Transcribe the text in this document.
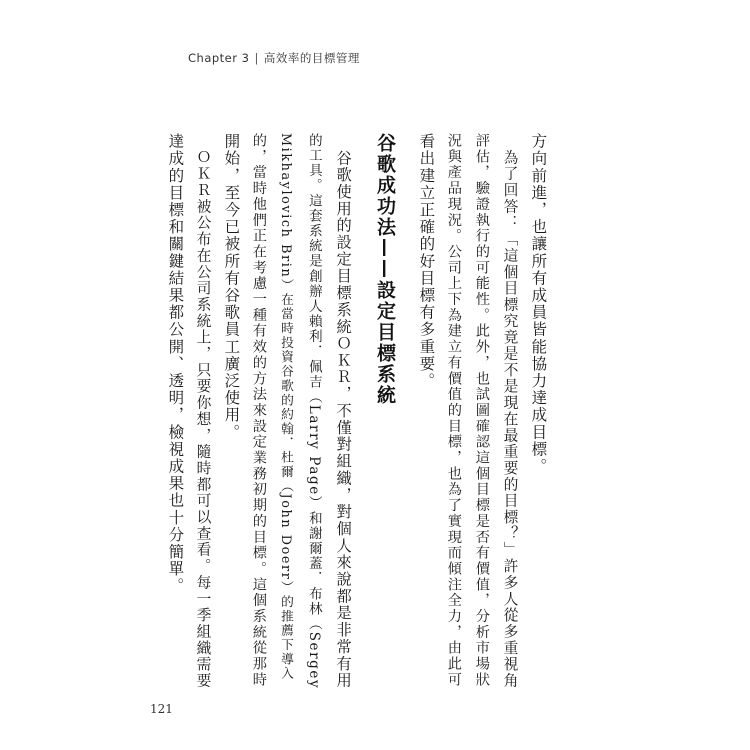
Chapter 3 | 高效率的目標管理
方向前進，也讓所有成員皆能協力達成目標。
　為了回答：「這個目標究竟是不是現在最重要的目標？」許多人從多重視角
評估，驗證執行的可能性。此外，也試圖確認這個目標是否有價值，分析市場狀
況與產品現況。公司上下為建立有價值的目標，也為了實現而傾注全力，由此可
看出建立正確的好目標有多重要。
谷歌成功法——設定目標系統
　谷歌使用的設定目標系統ＯＫＲ，不僅對組織，對個人來說都是非常有用
的工具。這套系統是創辦人賴利．佩吉（Larry Page）和謝爾蓋．布林（Sergey
Mikhaylovich Brin）在當時投資谷歌的約翰．杜爾（John Doerr）的推薦下導入
的，當時他們正在考慮一種有效的方法來設定業務初期的目標。這個系統從那時
開始，至今已被所有谷歌員工廣泛使用。
　ＯＫＲ被公布在公司系統上，只要你想，隨時都可以查看。每一季組織需要
達成的目標和關鍵結果都公開、透明，檢視成果也十分簡單。
121
